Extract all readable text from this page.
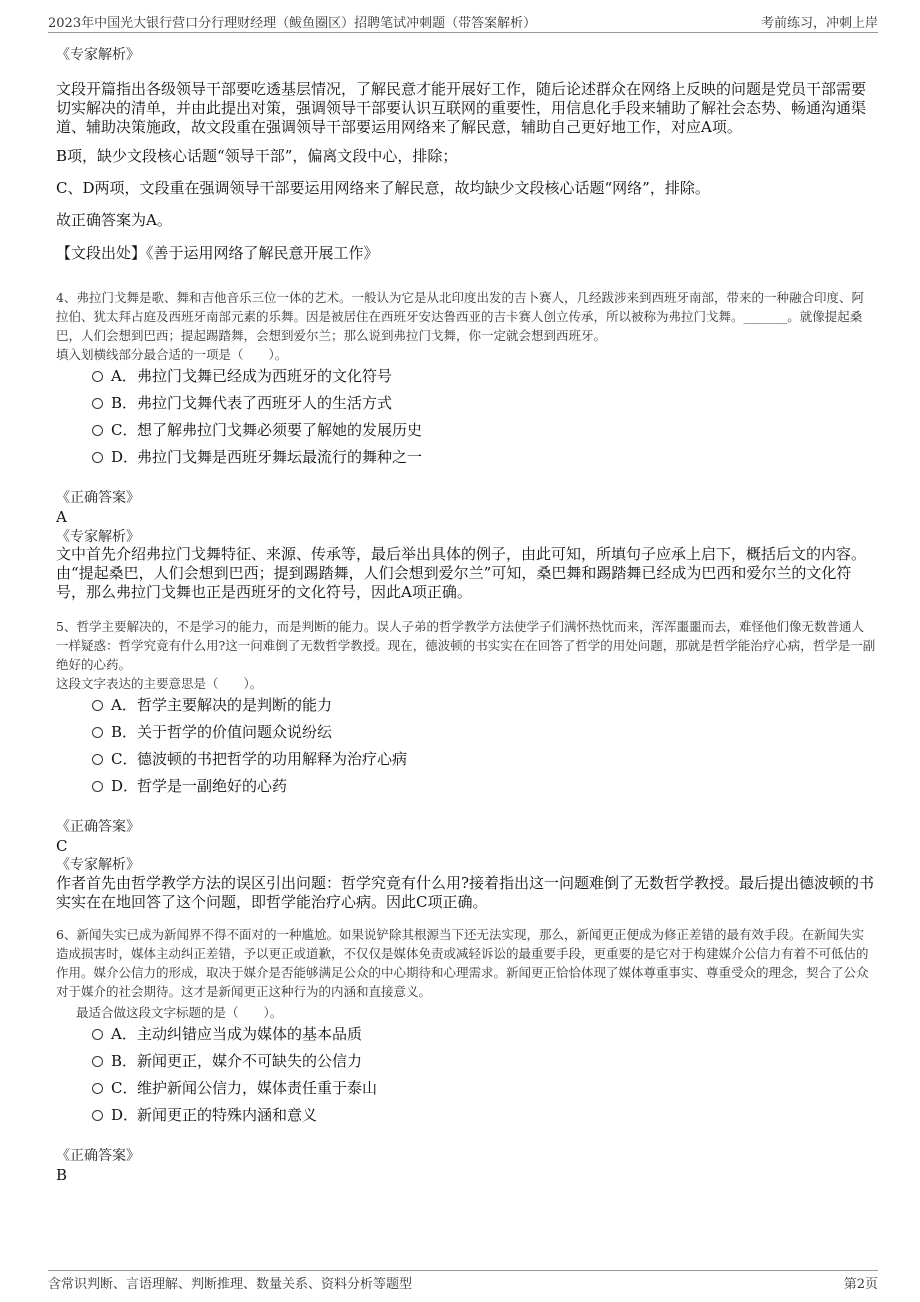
2023年中国光大银行营口分行理财经理（鲅鱼圈区）招聘笔试冲刺题（带答案解析）	考前练习，冲刺上岸
《专家解析》
文段开篇指出各级领导干部要吃透基层情况，了解民意才能开展好工作，随后论述群众在网络上反映的问题是党员干部需要切实解决的清单，并由此提出对策，强调领导干部要认识互联网的重要性，用信息化手段来辅助了解社会态势、畅通沟通渠道、辅助决策施政，故文段重在强调领导干部要运用网络来了解民意，辅助自己更好地工作，对应A项。
B项，缺少文段核心话题“领导干部”，偏离文段中心，排除；
C、D两项，文段重在强调领导干部要运用网络来了解民意，故均缺少文段核心话题“网络”，排除。
故正确答案为A。
【文段出处】《善于运用网络了解民意开展工作》
4、弗拉门戈舞是歌、舞和吉他音乐三位一体的艺术。一般认为它是从北印度出发的吉卜赛人，几经跋涉来到西班牙南部，带来的一种融合印度、阿拉伯、犹太拜占庭及西班牙南部元素的乐舞。因是被居住在西班牙安达鲁西亚的吉卡赛人创立传承，所以被称为弗拉门戈舞。_______。就像提起桑巴，人们会想到巴西；提起踢踏舞，会想到爱尔兰；那么说到弗拉门戈舞，你一定就会想到西班牙。
填入划横线部分最合适的一项是（　　）。
A．弗拉门戈舞已经成为西班牙的文化符号
B．弗拉门戈舞代表了西班牙人的生活方式
C．想了解弗拉门戈舞必须要了解她的发展历史
D．弗拉门戈舞是西班牙舞坛最流行的舞种之一
《正确答案》
A
《专家解析》
文中首先介绍弗拉门戈舞特征、来源、传承等，最后举出具体的例子，由此可知，所填句子应承上启下，概括后文的内容。由“提起桑巴，人们会想到巴西；提到踢踏舞，人们会想到爱尔兰”可知，桑巴舞和踢踏舞已经成为巴西和爱尔兰的文化符号，那么弗拉门戈舞也正是西班牙的文化符号，因此A项正确。
5、哲学主要解决的，不是学习的能力，而是判断的能力。误人子弟的哲学教学方法使学子们满怀热忱而来，浑浑噩噩而去，难怪他们像无数普通人一样疑惑：哲学究竟有什么用?这一问难倒了无数哲学教授。现在，德波顿的书实实在在回答了哲学的用处问题，那就是哲学能治疗心病，哲学是一副绝好的心药。
这段文字表达的主要意思是（　　）。
A．哲学主要解决的是判断的能力
B．关于哲学的价值问题众说纷纭
C．德波顿的书把哲学的功用解释为治疗心病
D．哲学是一副绝好的心药
《正确答案》
C
《专家解析》
作者首先由哲学教学方法的误区引出问题：哲学究竟有什么用?接着指出这一问题难倒了无数哲学教授。最后提出德波顿的书实实在在地回答了这个问题，即哲学能治疗心病。因此C项正确。
6、新闻失实已成为新闻界不得不面对的一种尴尬。如果说铲除其根源当下还无法实现，那么，新闻更正便成为修正差错的最有效手段。在新闻失实造成损害时，媒体主动纠正差错，予以更正或道歉，不仅仅是媒体免责或减轻诉讼的最重要手段，更重要的是它对于构建媒介公信力有着不可低估的作用。媒介公信力的形成，取决于媒介是否能够满足公众的中心期待和心理需求。新闻更正恰恰体现了媒体尊重事实、尊重受众的理念，契合了公众对于媒介的社会期待。这才是新闻更正这种行为的内涵和直接意义。
最适合做这段文字标题的是（　　）。
A．主动纠错应当成为媒体的基本品质
B．新闻更正，媒介不可缺失的公信力
C．维护新闻公信力，媒体责任重于泰山
D．新闻更正的特殊内涵和意义
《正确答案》
B
含常识判断、言语理解、判断推理、数量关系、资料分析等题型	第2页
